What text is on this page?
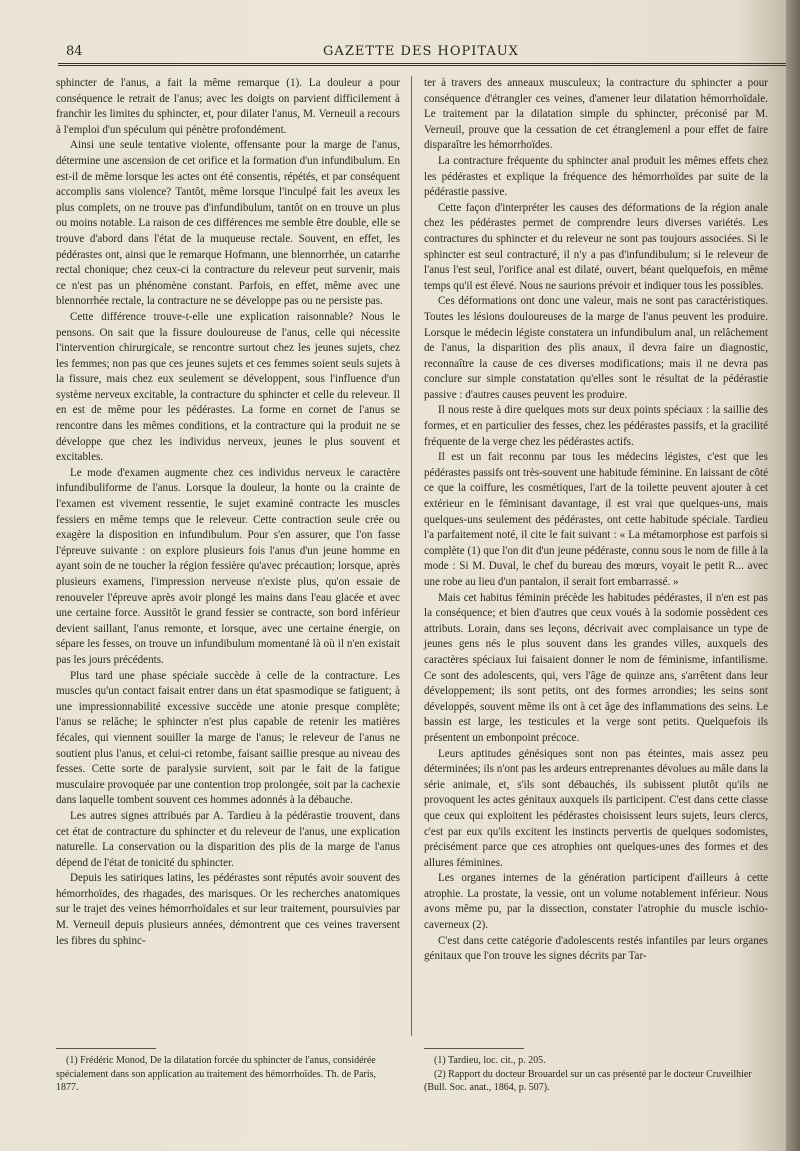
84	GAZETTE DES HOPITAUX

sphincter de l'anus, a fait la même remarque (1). La douleur a pour conséquence le retrait de l'anus; avec les doigts on parvient difficilement à franchir les limites du sphincter, et, pour dilater l'anus, M. Verneuil a recours à l'emploi d'un spéculum qui pénètre profondément.

Ainsi une seule tentative violente, offensante pour la marge de l'anus, détermine une ascension de cet orifice et la formation d'un infundibulum. En est-il de même lorsque les actes ont été consentis, répétés, et par conséquent accomplis sans violence? Tantôt, même lorsque l'inculpé fait les aveux les plus complets, on ne trouve pas d'infundibulum, tantôt on en trouve un plus ou moins notable. La raison de ces différences me semble être double, elle se trouve d'abord dans l'état de la muqueuse rectale. Souvent, en effet, les pédérastes ont, ainsi que le remarque Hofmann, une blennorrhée, un catarrhe rectal chonique; chez ceux-ci la contracture du releveur peut survenir, mais ce n'est pas un phénomène constant. Parfois, en effet, même avec une blennorrhée rectale, la contracture ne se développe pas ou ne persiste pas.

Cette différence trouve-t-elle une explication raisonnable? Nous le pensons. On sait que la fissure douloureuse de l'anus, celle qui nécessite l'intervention chirurgicale, se rencontre surtout chez les jeunes sujets, chez les femmes; non pas que ces jeunes sujets et ces femmes soient seuls sujets à la fissure, mais chez eux seulement se développent, sous l'influence d'un système nerveux excitable, la contracture du sphincter et celle du releveur. Il en est de même pour les pédérastes. La forme en cornet de l'anus se rencontre dans les mêmes conditions, et la contracture qui la produit ne se développe que chez les individus nerveux, jeunes le plus souvent et excitables.

Le mode d'examen augmente chez ces individus nerveux le caractère infundibuliforme de l'anus. Lorsque la douleur, la honte ou la crainte de l'examen est vivement ressentie, le sujet examiné contracte les muscles fessiers en même temps que le releveur. Cette contraction seule crée ou exagère la disposition en infundibulum. Pour s'en assurer, que l'on fasse l'épreuve suivante : on explore plusieurs fois l'anus d'un jeune homme en ayant soin de ne toucher la région fessière qu'avec précaution; lorsque, après plusieurs examens, l'impression nerveuse n'existe plus, qu'on essaie de renouveler l'épreuve après avoir plongé les mains dans l'eau glacée et avec une certaine force. Aussitôt le grand fessier se contracte, son bord inférieur devient saillant, l'anus remonte, et lorsque, avec une certaine énergie, on sépare les fesses, on trouve un infundibulum momentané là où il n'en existait pas les jours précédents.

Plus tard une phase spéciale succède à celle de la contracture. Les muscles qu'un contact faisait entrer dans un état spasmodique se fatiguent; à une impressionnabilité excessive succède une atonie presque complète; l'anus se relâche; le sphincter n'est plus capable de retenir les matières fécales, qui viennent souiller la marge de l'anus; le releveur de l'anus ne soutient plus l'anus, et celui-ci retombe, faisant saillie presque au niveau des fesses. Cette sorte de paralysie survient, soit par le fait de la fatigue musculaire provoquée par une contention trop prolongée, soit par la cachexie dans laquelle tombent souvent ces hommes adonnés à la débauche.

Les autres signes attribués par A. Tardieu à la pédérastie trouvent, dans cet état de contracture du sphincter et du releveur de l'anus, une explication naturelle. La conservation ou la disparition des plis de la marge de l'anus dépend de l'état de tonicité du sphincter.

Depuis les satiriques latins, les pédérastes sont réputés avoir souvent des hémorrhoïdes, des rhagades, des marisques. Or les recherches anatomiques sur le trajet des veines hémorrhoïdales et sur leur traitement, poursuivies par M. Verneuil depuis plusieurs années, démontrent que ces veines traversent les fibres du sphinc-

ter à travers des anneaux musculeux; la contracture du sphincter a pour conséquence d'étrangler ces veines, d'amener leur dilatation hémorrhoïdale. Le traitement par la dilatation simple du sphincter, préconisé par M. Verneuil, prouve que la cessation de cet étranglemenl a pour effet de faire disparaître les hémorrhoïdes.

La contracture fréquente du sphincter anal produit les mêmes effets chez les pédérastes et explique la fréquence des hémorrhoïdes par suite de la pédérastie passive.

Cette façon d'interpréter les causes des déformations de la région anale chez les pédérastes permet de comprendre leurs diverses variétés. Les contractures du sphincter et du releveur ne sont pas toujours associées. Si le sphincter est seul contracturé, il n'y a pas d'infundibulum; si le releveur de l'anus l'est seul, l'orifice anal est dilaté, ouvert, béant quelquefois, en même temps qu'il est élevé. Nous ne saurions prévoir et indiquer tous les possibles.

Ces déformations ont donc une valeur, mais ne sont pas caractéristiques. Toutes les lésions douloureuses de la marge de l'anus peuvent les produire. Lorsque le médecin légiste constatera un infundibulum anal, un relâchement de l'anus, la disparition des plis anaux, il devra faire un diagnostic, reconnaître la cause de ces diverses modifications; mais il ne devra pas conclure sur simple constatation qu'elles sont le résultat de la pédérastie passive : d'autres causes peuvent les produire.

Il nous reste à dire quelques mots sur deux points spéciaux : la saillie des formes, et en particulier des fesses, chez les pédérastes passifs, et la gracilité fréquente de la verge chez les pédérastes actifs.

Il est un fait reconnu par tous les médecins légistes, c'est que les pédérastes passifs ont très-souvent une habitude féminine. En laissant de côté ce que la coiffure, les cosmétiques, l'art de la toilette peuvent ajouter à cet extérieur en le féminisant davantage, il est vrai que quelques-uns, mais quelques-uns seulement des pédérastes, ont cette habitude spéciale. Tardieu l'a parfaitement noté, il cite le fait suivant : « La métamorphose est parfois si complète (1) que l'on dit d'un jeune pédéraste, connu sous le nom de fille à la mode : Si M. Duval, le chef du bureau des mœurs, voyait le petit R... avec une robe au lieu d'un pantalon, il serait fort embarrassé. »

Mais cet habitus féminin précède les habitudes pédérastes, il n'en est pas la conséquence; et bien d'autres que ceux voués à la sodomie possèdent ces attributs. Lorain, dans ses leçons, décrivait avec complaisance un type de jeunes gens nés le plus souvent dans les grandes villes, auxquels des caractères spéciaux lui faisaient donner le nom de féminisme, infantilisme. Ce sont des adolescents, qui, vers l'âge de quinze ans, s'arrêtent dans leur développement; ils sont petits, ont des formes arrondies; les seins sont développés, souvent même ils ont à cet âge des inflammations des seins. Le bassin est large, les testicules et la verge sont petits. Quelquefois ils présentent un embonpoint précoce.

Leurs aptitudes génésiques sont non pas éteintes, mais assez peu déterminées; ils n'ont pas les ardeurs entreprenantes dévolues au mâle dans la série animale, et, s'ils sont débauchés, ils subissent plutôt qu'ils ne provoquent les actes génitaux auxquels ils participent. C'est dans cette classe que ceux qui exploitent les pédérastes choisissent leurs sujets, leurs clercs, c'est par eux qu'ils excitent les instincts pervertis de quelques sodomistes, précisément parce que ces atrophies ont quelques-unes des formes et des allures féminines.

Les organes internes de la génération participent d'ailleurs à cette atrophie. La prostate, la vessie, ont un volume notablement inférieur. Nous avons même pu, par la dissection, constater l'atrophie du muscle ischio-caverneux (2).

C'est dans cette catégorie d'adolescents restés infantiles par leurs organes génitaux que l'on trouve les signes décrits par Tar-

(1) Frédéric Monod, De la dilatation forcée du sphincter de l'anus, considérée spécialement dans son application au traitement des hémorrhoïdes. Th. de Paris, 1877.

(1) Tardieu, loc. cit., p. 205.

(2) Rapport du docteur Brouardel sur un cas présenté par le docteur Cruveilhier (Bull. Soc. anat., 1864, p. 507).
